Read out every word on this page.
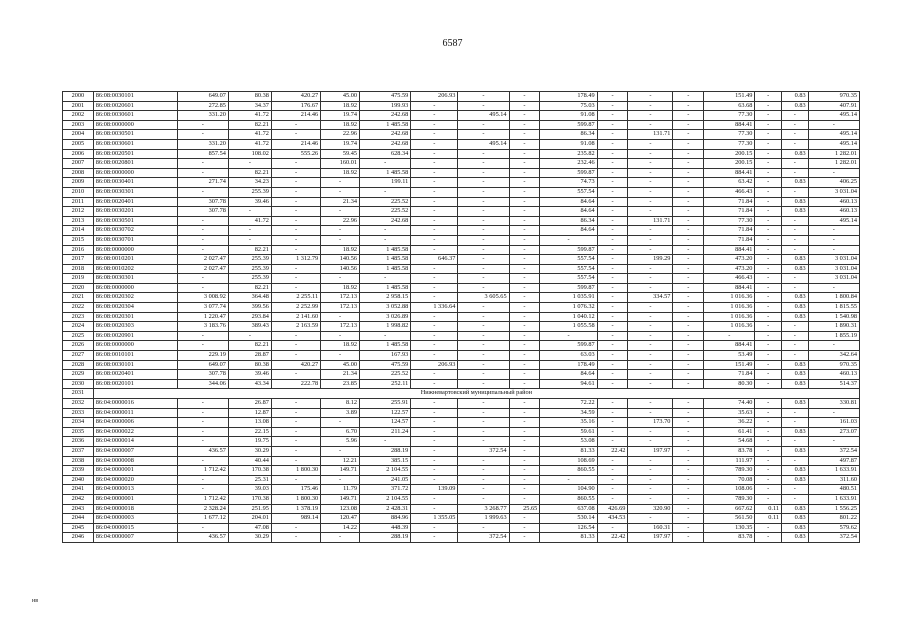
6587
2000	86:08:0030101	649.07	80.38	420.27	45.00	475.59	206.93	-	-	178.49	-	-	-	151.49	-	0.83	970.35
2001	86:08:0020601	272.85	34.37	176.67	18.92	199.93	-	-	-	75.03	-	-	-	63.68	-	0.83	407.91
2002	86:08:0030601	331.20	41.72	214.46	19.74	242.68	-	495.14	-	91.08	-	-	-	77.30	-	-	495.14
2003	86:08:0000000	-	82.21	-	18.92	1 485.58	-	-	-	599.87	-	-	-	884.41	-	-	-
2004	86:08:0030501	-	41.72	-	22.96	242.68	-	-	-	86.34	-	131.71	-	77.30	-	-	495.14
2005	86:08:0030601	331.20	41.72	214.46	19.74	242.68	-	495.14	-	91.08	-	-	-	77.30	-	-	495.14
2006	86:08:0020501	857.54	108.02	555.26	59.45	628.34	-	-	-	235.82	-	-	-	200.15	-	0.83	1 282.01
2007	86:08:0020801	-	-	-	160.01	-	-	-	-	232.46	-	-	-	200.15	-	-	1 282.01
2008	86:08:0000000	-	82.21	-	18.92	1 485.58	-	-	-	599.87	-	-	-	884.41	-	-	-
2009	86:08:0030401	271.74	34.23	-	-	199.11	-	-	-	74.73	-	-	-	63.42	-	0.83	406.25
2010	86:08:0030301	-	255.39	-	-	-	-	-	-	557.54	-	-	-	466.43	-	-	3 031.04
2011	86:08:0020401	307.78	39.46	-	21.34	225.52	-	-	-	84.64	-	-	-	71.84	-	0.83	460.13
2012	86:08:0030201	307.78	-	-	-	225.52	-	-	-	84.64	-	-	-	71.84	-	0.83	460.13
2013	86:08:0030501	-	41.72	-	22.96	242.68	-	-	-	86.34	-	131.71	-	77.30	-	-	495.14
2014	86:08:0030702	-	-	-	-	-	-	-	-	84.64	-	-	-	71.84	-	-	-
2015	86:08:0030701	-	-	-	-	-	-	-	-	-	-	-	-	71.84	-	-	-
2016	86:08:0000000	-	82.21	-	18.92	1 485.58	-	-	-	599.87	-	-	-	884.41	-	-	-
2017	86:08:0010201	2 027.47	255.39	1 312.79	140.56	1 485.58	646.37	-	-	557.54	-	199.29	-	473.20	-	0.83	3 031.04
2018	86:08:0010202	2 027.47	255.39	-	140.56	1 485.58	-	-	-	557.54	-	-	-	473.20	-	0.83	3 031.04
2019	86:08:0030301	-	255.39	-	-	-	-	-	-	557.54	-	-	-	466.43	-	-	3 031.04
2020	86:08:0000000	-	82.21	-	18.92	1 485.58	-	-	-	599.87	-	-	-	884.41	-	-	-
2021	86:08:0020302	3 008.92	364.48	2 255.11	172.13	2 958.15	-	3 605.65	-	1 035.91	-	334.57	-	1 016.36	-	0.83	1 800.84
2022	86:08:0020304	3 077.74	399.56	2 252.99	172.13	3 052.88	1 336.64	-	-	1 076.32	-	-	-	1 016.36	-	0.83	1 815.55
2023	86:08:0020301	1 220.47	293.84	2 141.60	-	3 026.89	-	-	-	1 040.12	-	-	-	1 016.36	-	0.83	1 540.98
2024	86:08:0020303	3 183.76	389.43	2 163.59	172.13	1 998.82	-	-	-	1 055.58	-	-	-	1 016.36	-	-	1 890.31
2025	86:08:0020901	-	-	-	-	-	-	-	-	-	-	-	-	-	-	-	1 855.19
2026	86:08:0000000	-	82.21	-	18.92	1 485.58	-	-	-	599.87	-	-	-	884.41	-	-	-
2027	86:08:0010101	229.19	28.87	-	-	167.93	-	-	-	63.03	-	-	-	53.49	-	-	342.64
2028	86:08:0030101	649.07	80.38	420.27	45.00	475.59	206.93	-	-	178.49	-	-	-	151.49	-	0.83	970.35
2029	86:08:0020401	307.78	39.46	-	21.34	225.52	-	-	-	84.64	-	-	-	71.84	-	0.83	460.13
2030	86:08:0020101	344.06	43.34	222.78	23.85	252.11	-	-	-	94.61	-	-	-	80.30	-	0.83	514.37
2031	Нижневартовский муниципальный район																
2032	86:04:0000016	-	26.87	-	8.12	255.91	-	-	-	72.22	-	-	-	74.40	-	0.83	330.81
2033	86:04:0000011	-	12.87	-	3.89	122.57	-	-	-	34.59	-	-	-	35.63	-	-	-
2034	86:04:0000006	-	13.08	-	-	124.57	-	-	-	35.16	-	173.70	-	36.22	-	-	161.03
2035	86:04:0000022	-	22.15	-	6.70	211.24	-	-	-	59.61	-	-	-	61.41	-	0.83	273.07
2036	86:04:0000014	-	19.75	-	5.96	-	-	-	-	53.08	-	-	-	54.68	-	-	-
2037	86:04:0000007	436.57	30.29	-	-	288.19	-	372.54	-	81.33	22.42	197.97	-	83.78	-	0.83	372.54
2038	86:04:0000008	-	40.44	-	12.21	385.15	-	-	-	108.69	-	-	-	111.97	-	-	497.87
2039	86:04:0000001	1 712.42	170.38	1 800.30	149.71	2 104.55	-	-	-	860.55	-	-	-	789.30	-	0.83	1 633.91
2040	86:04:0000020	-	25.31	-	-	241.05	-	-	-	-	-	-	-	70.08	-	0.83	311.60
2041	86:04:0000013	-	39.03	175.46	11.79	371.72	139.09	-	-	104.90	-	-	-	108.06	-	-	480.51
2042	86:04:0000001	1 712.42	170.38	1 800.30	149.71	2 104.55	-	-	-	860.55	-	-	-	789.30	-	-	1 633.91
2043	86:04:0000018	2 328.24	251.95	1 378.19	123.08	2 428.31	-	3 268.77	25.65	637.08	426.69	320.90	-	667.62	0.11	0.83	1 556.25
2044	86:04:0000003	1 677.12	204.01	989.14	120.47	884.96	1 355.05	1 999.63	-	530.14	434.53	-	-	561.50	0.11	0.83	801.22
2045	86:04:0000015	-	47.08	-	14.22	448.39	-	-	-	126.54	-	160.31	-	130.35	-	0.83	579.62
2046	86:04:0000007	436.57	30.29	-	-	288.19	-	372.54	-	81.33	22.42	197.97	-	83.78	-	0.83	372.54
нв
